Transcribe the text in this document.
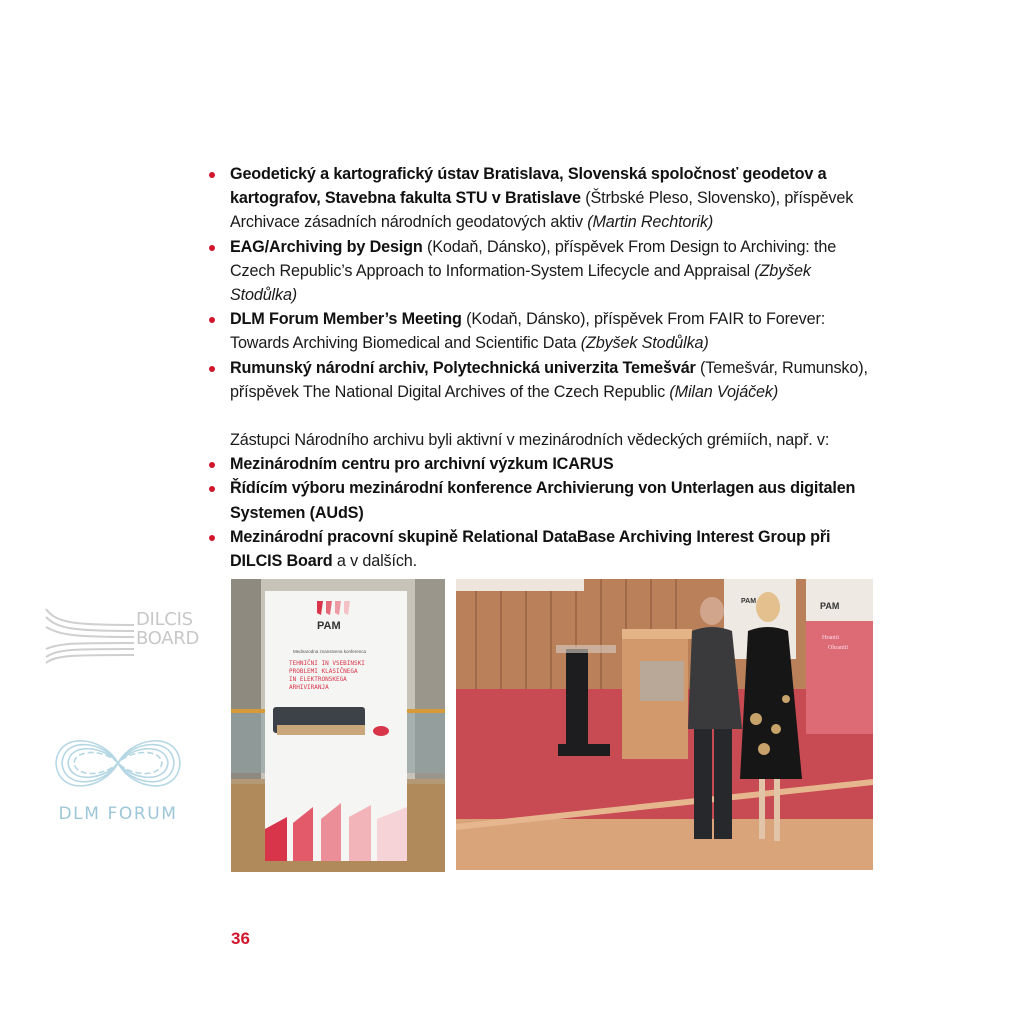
Geodetický a kartografický ústav Bratislava, Slovenská spoločnosť geodetov a kartografov, Stavebna fakulta STU v Bratislave (Štrbské Pleso, Slovensko), příspěvek Archivace zásadních národních geodatových aktiv (Martin Rechtorik)
EAG/Archiving by Design (Kodaň, Dánsko), příspěvek From Design to Archiving: the Czech Republic’s Approach to Information-System Lifecycle and Appraisal (Zbyšek Stodůlka)
DLM Forum Member’s Meeting (Kodaň, Dánsko), příspěvek From FAIR to Forever: Towards Archiving Biomedical and Scientific Data (Zbyšek Stodůlka)
Rumunský národní archiv, Polytechnická univerzita Temešvár (Temešvár, Rumunsko), příspěvek The National Digital Archives of the Czech Republic (Milan Vojáček)
Zástupci Národního archivu byli aktivní v mezinárodních vědeckých grémiích, např. v:
Mezinárodním centru pro archivní výzkum ICARUS
Řídícím výboru mezinárodní konference Archivierung von Unterlagen aus digitalen Systemen (AUdS)
Mezinárodní pracovní skupině Relational DataBase Archiving Interest Group při DILCIS Board a v dalších.
DILCIS
BOARD
DLM FORUM
PAM
Mednarodna znanstvena konferenca
TEHNIČNI IN VSEBINSKI
PROBLEMI KLASIČNEGA
IN ELEKTRONSKEGA
ARHIVIRANJA
PAM
PAM
Hraniti
Ohraniti
36
